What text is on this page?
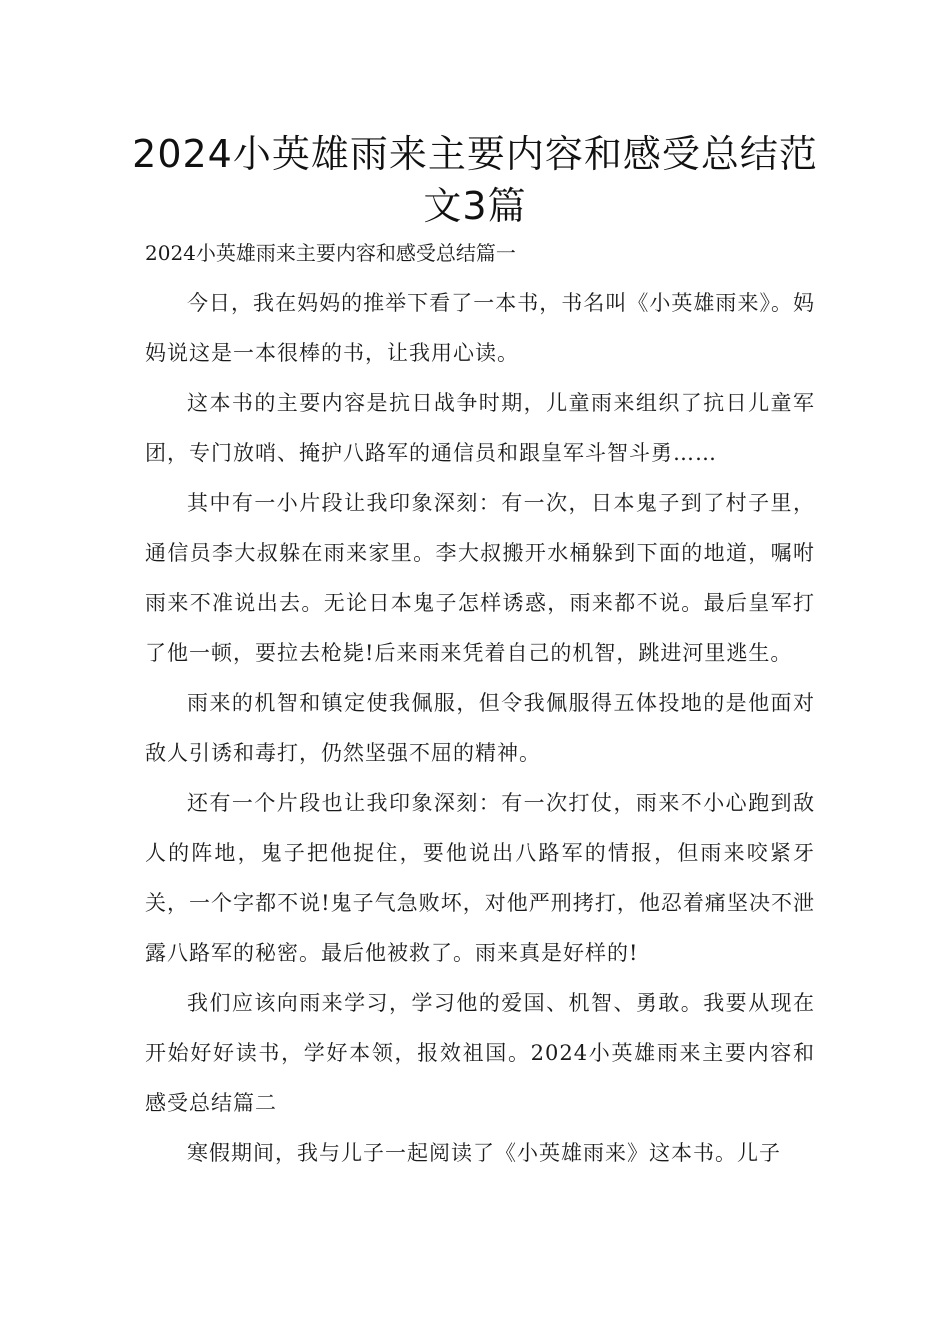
2024小英雄雨来主要内容和感受总结范文3篇

2024小英雄雨来主要内容和感受总结篇一

今日，我在妈妈的推举下看了一本书，书名叫《小英雄雨来》。妈妈说这是一本很棒的书，让我用心读。

这本书的主要内容是抗日战争时期，儿童雨来组织了抗日儿童军团，专门放哨、掩护八路军的通信员和跟皇军斗智斗勇……

其中有一小片段让我印象深刻：有一次，日本鬼子到了村子里，通信员李大叔躲在雨来家里。李大叔搬开水桶躲到下面的地道，嘱咐雨来不准说出去。无论日本鬼子怎样诱惑，雨来都不说。最后皇军打了他一顿，要拉去枪毙!后来雨来凭着自己的机智，跳进河里逃生。

雨来的机智和镇定使我佩服，但令我佩服得五体投地的是他面对敌人引诱和毒打，仍然坚强不屈的精神。

还有一个片段也让我印象深刻：有一次打仗，雨来不小心跑到敌人的阵地，鬼子把他捉住，要他说出八路军的情报，但雨来咬紧牙关，一个字都不说!鬼子气急败坏，对他严刑拷打，他忍着痛坚决不泄露八路军的秘密。最后他被救了。雨来真是好样的!

我们应该向雨来学习，学习他的爱国、机智、勇敢。我要从现在开始好好读书，学好本领，报效祖国。2024小英雄雨来主要内容和感受总结篇二

寒假期间，我与儿子一起阅读了《小英雄雨来》这本书。儿子
